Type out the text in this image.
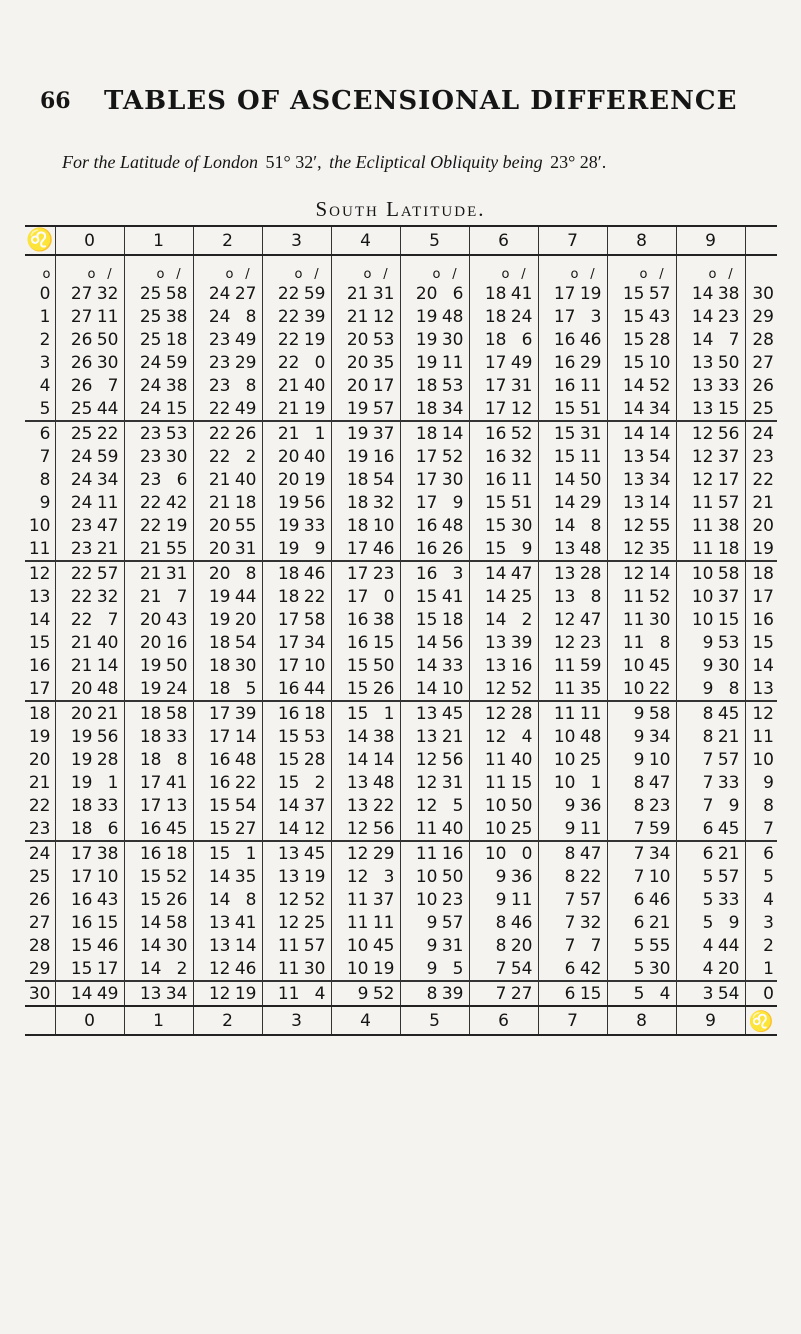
66 TABLES OF ASCENSIONAL DIFFERENCE
For the Latitude of London 51° 32′, the Ecliptical Obliquity being 23° 28′.
South Latitude.
♌	0	1	2	3	4	5	6	7	8	9	
o	o /	o /	o /	o /	o /	o /	o /	o /	o /	o /	
0	27 32	25 58	24 27	22 59	21 31	20 6	18 41	17 19	15 57	14 38	30
1	27 11	25 38	24 8	22 39	21 12	19 48	18 24	17 3	15 43	14 23	29
2	26 50	25 18	23 49	22 19	20 53	19 30	18 6	16 46	15 28	14 7	28
3	26 30	24 59	23 29	22 0	20 35	19 11	17 49	16 29	15 10	13 50	27
4	26 7	24 38	23 8	21 40	20 17	18 53	17 31	16 11	14 52	13 33	26
5	25 44	24 15	22 49	21 19	19 57	18 34	17 12	15 51	14 34	13 15	25
6	25 22	23 53	22 26	21 1	19 37	18 14	16 52	15 31	14 14	12 56	24
7	24 59	23 30	22 2	20 40	19 16	17 52	16 32	15 11	13 54	12 37	23
8	24 34	23 6	21 40	20 19	18 54	17 30	16 11	14 50	13 34	12 17	22
9	24 11	22 42	21 18	19 56	18 32	17 9	15 51	14 29	13 14	11 57	21
10	23 47	22 19	20 55	19 33	18 10	16 48	15 30	14 8	12 55	11 38	20
11	23 21	21 55	20 31	19 9	17 46	16 26	15 9	13 48	12 35	11 18	19
12	22 57	21 31	20 8	18 46	17 23	16 3	14 47	13 28	12 14	10 58	18
13	22 32	21 7	19 44	18 22	17 0	15 41	14 25	13 8	11 52	10 37	17
14	22 7	20 43	19 20	17 58	16 38	15 18	14 2	12 47	11 30	10 15	16
15	21 40	20 16	18 54	17 34	16 15	14 56	13 39	12 23	11 8	9 53	15
16	21 14	19 50	18 30	17 10	15 50	14 33	13 16	11 59	10 45	9 30	14
17	20 48	19 24	18 5	16 44	15 26	14 10	12 52	11 35	10 22	9 8	13
18	20 21	18 58	17 39	16 18	15 1	13 45	12 28	11 11	9 58	8 45	12
19	19 56	18 33	17 14	15 53	14 38	13 21	12 4	10 48	9 34	8 21	11
20	19 28	18 8	16 48	15 28	14 14	12 56	11 40	10 25	9 10	7 57	10
21	19 1	17 41	16 22	15 2	13 48	12 31	11 15	10 1	8 47	7 33	9
22	18 33	17 13	15 54	14 37	13 22	12 5	10 50	9 36	8 23	7 9	8
23	18 6	16 45	15 27	14 12	12 56	11 40	10 25	9 11	7 59	6 45	7
24	17 38	16 18	15 1	13 45	12 29	11 16	10 0	8 47	7 34	6 21	6
25	17 10	15 52	14 35	13 19	12 3	10 50	9 36	8 22	7 10	5 57	5
26	16 43	15 26	14 8	12 52	11 37	10 23	9 11	7 57	6 46	5 33	4
27	16 15	14 58	13 41	12 25	11 11	9 57	8 46	7 32	6 21	5 9	3
28	15 46	14 30	13 14	11 57	10 45	9 31	8 20	7 7	5 55	4 44	2
29	15 17	14 2	12 46	11 30	10 19	9 5	7 54	6 42	5 30	4 20	1
30	14 49	13 34	12 19	11 4	9 52	8 39	7 27	6 15	5 4	3 54	0
	0	1	2	3	4	5	6	7	8	9	♌
